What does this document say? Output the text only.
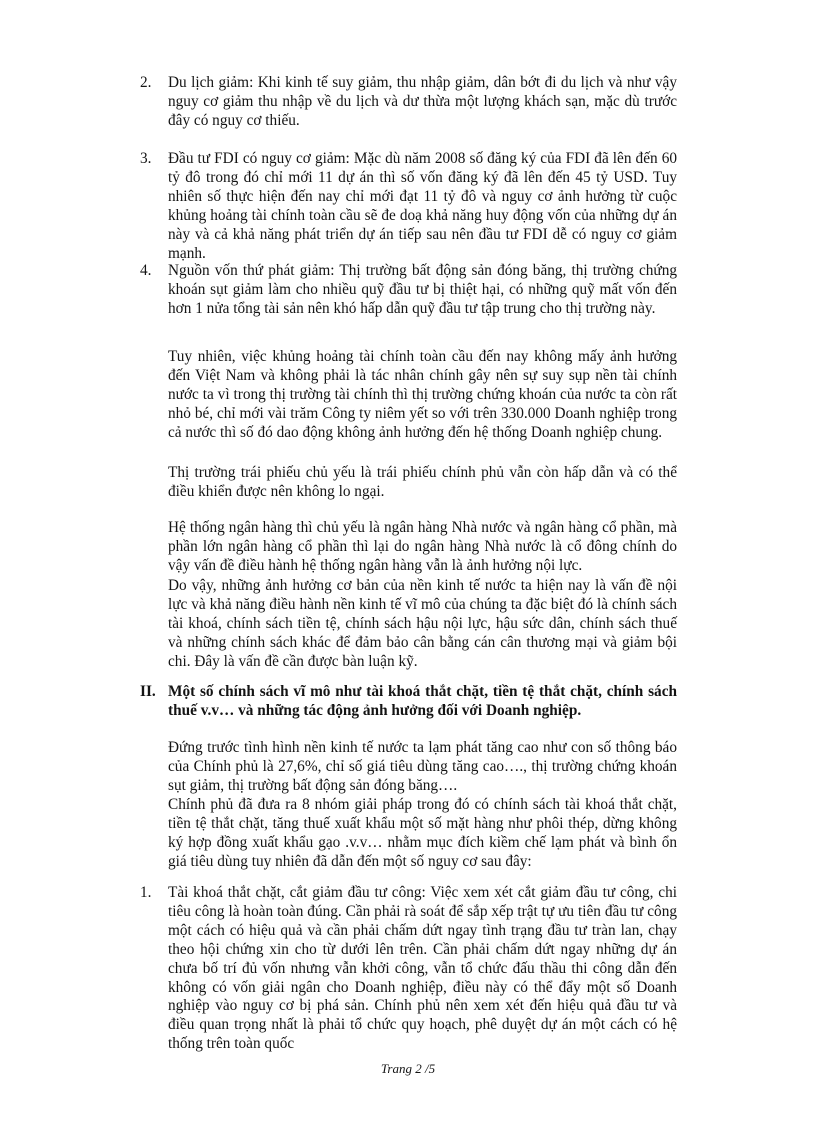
2. Du lịch giảm: Khi kinh tế suy giảm, thu nhập giảm, dân bớt đi du lịch và như vậy nguy cơ giảm thu nhập về du lịch và dư thừa một lượng khách sạn, mặc dù trước đây có nguy cơ thiếu.

3. Đầu tư FDI có nguy cơ giảm: Mặc dù năm 2008 số đăng ký của FDI đã lên đến 60 tỷ đô trong đó chỉ mới 11 dự án thì số vốn đăng ký đã lên đến 45 tỷ USD. Tuy nhiên số thực hiện đến nay chỉ mới đạt 11 tỷ đô và nguy cơ ảnh hưởng từ cuộc khủng hoảng tài chính toàn cầu sẽ đe doạ khả năng huy động vốn của những dự án này và cả khả năng phát triển dự án tiếp sau nên đầu tư FDI dễ có nguy cơ giảm mạnh.

4. Nguồn vốn thứ phát giảm: Thị trường bất động sản đóng băng, thị trường chứng khoán sụt giảm làm cho nhiều quỹ đầu tư bị thiệt hại, có những quỹ mất vốn đến hơn 1 nửa tổng tài sản nên khó hấp dẫn quỹ đầu tư tập trung cho thị trường này.

Tuy nhiên, việc khủng hoảng tài chính toàn cầu đến nay không mấy ảnh hưởng đến Việt Nam và không phải là tác nhân chính gây nên sự suy sụp nền tài chính nước ta vì trong thị trường tài chính thì thị trường chứng khoán của nước ta còn rất nhỏ bé, chỉ mới vài trăm Công ty niêm yết so với trên 330.000 Doanh nghiệp trong cả nước thì số đó dao động không ảnh hưởng đến hệ thống Doanh nghiệp chung.

Thị trường trái phiếu chủ yếu là trái phiếu chính phủ vẫn còn hấp dẫn và có thể điều khiển được nên không lo ngại.

Hệ thống ngân hàng thì chủ yếu là ngân hàng Nhà nước và ngân hàng cổ phần, mà phần lớn ngân hàng cổ phần thì lại do ngân hàng Nhà nước là cổ đông chính do vậy vấn đề điều hành hệ thống ngân hàng vẫn là ảnh hưởng nội lực.

Do vậy, những ảnh hưởng cơ bản của nền kinh tế nước ta hiện nay là vấn đề nội lực và khả năng điều hành nền kinh tế vĩ mô của chúng ta đặc biệt đó là chính sách tài khoá, chính sách tiền tệ, chính sách hậu nội lực, hậu sức dân, chính sách thuế và những chính sách khác để đảm bảo cân bằng cán cân thương mại và giảm bội chi. Đây là vấn đề cần được bàn luận kỹ.

II. Một số chính sách vĩ mô như tài khoá thắt chặt, tiền tệ thắt chặt, chính sách thuế v.v… và những tác động ảnh hưởng đối với Doanh nghiệp.

Đứng trước tình hình nền kinh tế nước ta lạm phát tăng cao như con số thông báo của Chính phủ là 27,6%, chỉ số giá tiêu dùng tăng cao…., thị trường chứng khoán sụt giảm, thị trường bất động sản đóng băng….

Chính phủ đã đưa ra 8 nhóm giải pháp trong đó có chính sách tài khoá thắt chặt, tiền tệ thắt chặt, tăng thuế xuất khẩu một số mặt hàng như phôi thép, dừng không ký hợp đồng xuất khẩu gạo .v.v… nhằm mục đích kiềm chế lạm phát và bình ổn giá tiêu dùng tuy nhiên đã dẫn đến một số nguy cơ sau đây:

1. Tài khoá thắt chặt, cắt giảm đầu tư công: Việc xem xét cắt giảm đầu tư công, chi tiêu công là hoàn toàn đúng. Cần phải rà soát để sắp xếp trật tự ưu tiên đầu tư công một cách có hiệu quả và cần phải chấm dứt ngay tình trạng đầu tư tràn lan, chạy theo hội chứng xin cho từ dưới lên trên. Cần phải chấm dứt ngay những dự án chưa bố trí đủ vốn nhưng vẫn khởi công, vẫn tổ chức đấu thầu thi công dẫn đến không có vốn giải ngân cho Doanh nghiệp, điều này có thể đẩy một số Doanh nghiệp vào nguy cơ bị phá sản. Chính phủ nên xem xét đến hiệu quả đầu tư và điều quan trọng nhất là phải tổ chức quy hoạch, phê duyệt dự án một cách có hệ thống trên toàn quốc

Trang 2 /5
